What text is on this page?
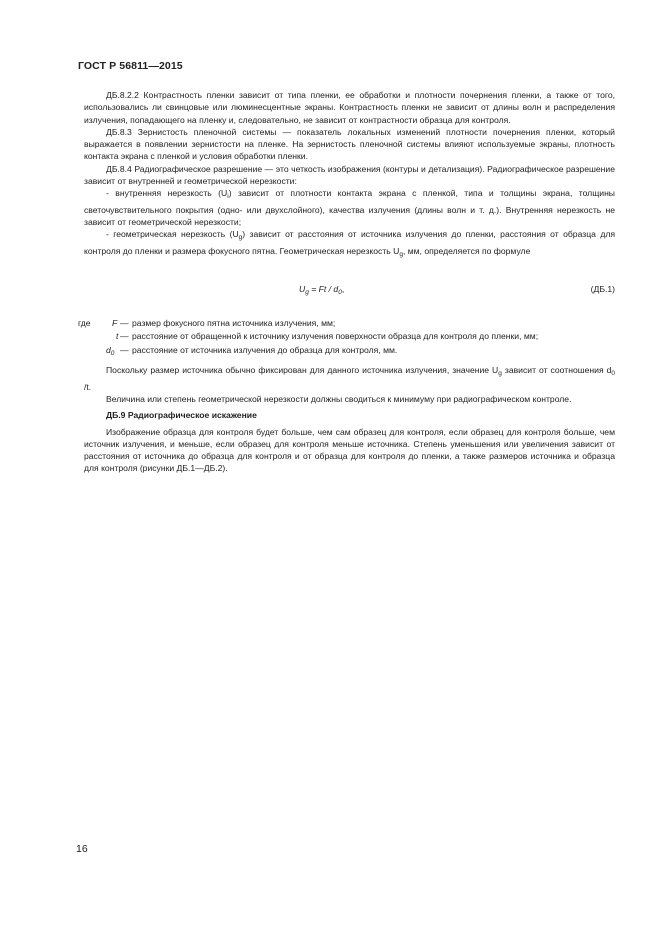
ГОСТ Р 56811—2015

ДБ.8.2.2 Контрастность пленки зависит от типа пленки, ее обработки и плотности почернения пленки, а также от того, использовались ли свинцовые или люминесцентные экраны. Контрастность пленки не зависит от длины волн и распределения излучения, попадающего на пленку и, следовательно, не зависит от контрастности образца для контроля.

ДБ.8.3 Зернистость пленочной системы — показатель локальных изменений плотности почернения пленки, который выражается в появлении зернистости на пленке. На зернистость пленочной системы влияют используемые экраны, плотность контакта экрана с пленкой и условия обработки пленки.

ДБ.8.4 Радиографическое разрешение — это четкость изображения (контуры и детализация). Радиографическое разрешение зависит от внутренней и геометрической нерезкости:

- внутренняя нерезкость $(U_i)$ зависит от плотности контакта экрана с пленкой, типа и толщины экрана, толщины светочувствительного покрытия (одно- или двухслойного), качества излучения (длины волн и т. д.). Внутренняя нерезкость не зависит от геометрической нерезкости;

- геометрическая нерезкость $(U_g)$ зависит от расстояния от источника излучения до пленки, расстояния от образца для контроля до пленки и размера фокусного пятна. Геометрическая нерезкость $U_g$, мм, определяется по формуле

$U_g = Ft / d_0$,	(ДБ.1)
где F — размер фокусного пятна источника излучения, мм;
t — расстояние от обращенной к источнику излучения поверхности образца для контроля до пленки, мм;
$d_0$ — расстояние от источника излучения до образца для контроля, мм.

Поскольку размер источника обычно фиксирован для данного источника излучения, значение $U_g$ зависит от соотношения $d_0$ /t.

Величина или степень геометрической нерезкости должны сводиться к минимуму при радиографическом контроле.

ДБ.9 Радиографическое искажение

Изображение образца для контроля будет больше, чем сам образец для контроля, если образец для контроля больше, чем источник излучения, и меньше, если образец для контроля меньше источника. Степень уменьшения или увеличения зависит от расстояния от источника до образца для контроля и от образца для контроля до пленки, а также размеров источника и образца для контроля (рисунки ДБ.1—ДБ.2).

16
